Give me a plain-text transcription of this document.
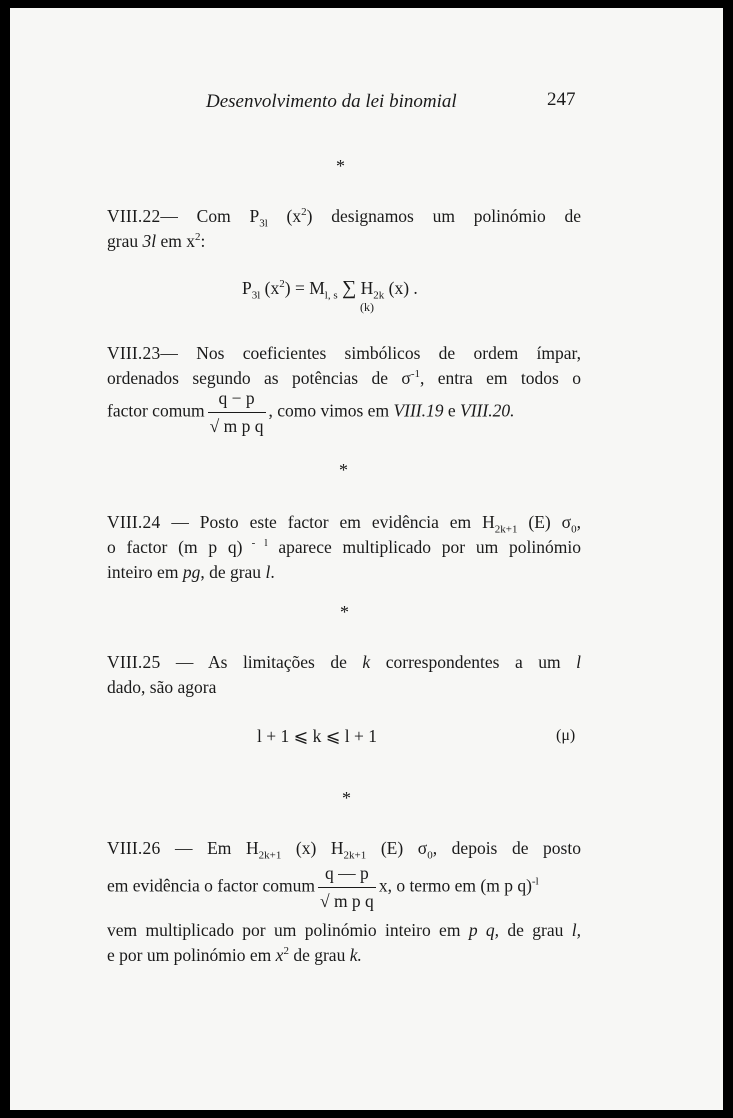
Desenvolvimento da lei binomial	247
*

VIII.22— Com $P_{3l}$ $(x^2)$ designamos um polinómio de

grau 3l em $x^2$:
$P_{3l}$ $(x^2) = M_{l, s}$ ∑ $H_{2k}$ (x) .
(k)

VIII.23— Nos coeficientes simbólicos de ordem ímpar,

ordenados segundo as potências de $\sigma^{-1}$, entra em todos o

factor comum $\frac{q - p}{\text{√ m p q}}$ , como vimos em VIII.19 e VIII.20.
*

VIII.24 — Posto este factor em evidência em $H_{2k+1}$ (E) $\sigma_0$,

o factor (m p q) $^{- l}$ aparece multiplicado por um polinómio

inteiro em pg, de grau l.

*

VIII.25 — As limitações de k correspondentes a um l

dado, são agora

l + 1 ⩽ k ⩽ l + 1	(μ)
*

VIII.26 — Em $H_{2k+1}$ (x) $H_{2k+1}$ (E) $\sigma_0$, depois de posto

em evidência o factor comum $\frac{q — p}{\text{√ m p q}} x$, o termo em (m p q)$^{-l}$

vem multiplicado por um polinómio inteiro em p q, de grau l,

e por um polinómio em $x^2$ de grau k.
